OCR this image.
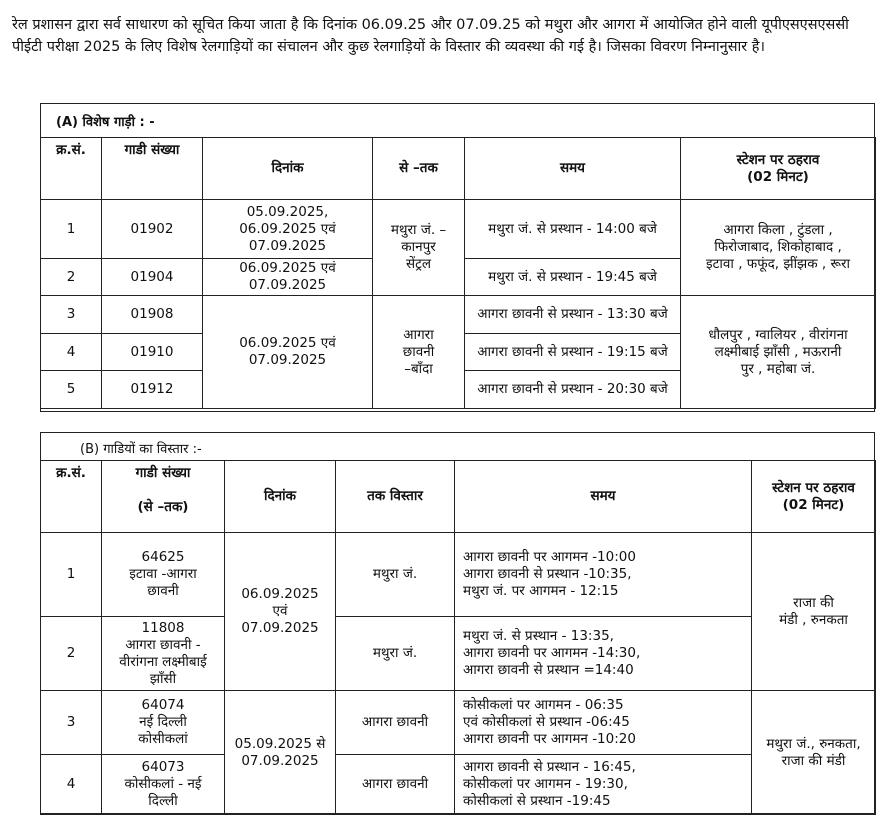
रेल प्रशासन द्वारा सर्व साधारण को सूचित किया जाता है कि दिनांक 06.09.25 और 07.09.25 को मथुरा और आगरा में आयोजित होने वाली यूपीएसएसएससी पीईटी परीक्षा 2025 के लिए विशेष रेलगाड़ियों का संचालन और कुछ रेलगाड़ियों के विस्तार की व्यवस्था की गई है। जिसका विवरण निम्नानुसार है।

(A) विशेष गाड़ी : -
क्र.सं.	गाडी संख्या	दिनांक	से –तक	समय	स्टेशन पर ठहराव
(02 मिनट)
1	01902	05.09.2025,
06.09.2025 एवं
07.09.2025	मथुरा जं. –
कानपुर
सेंट्रल	मथुरा जं. से प्रस्थान - 14:00 बजे	आगरा किला , टुंडला ,
फिरोजाबाद, शिकोहाबाद ,
इटावा , फफूंद, झींझक , रूरा
2	01904	06.09.2025 एवं
07.09.2025		मथुरा जं. से प्रस्थान - 19:45 बजे	
3	01908	06.09.2025 एवं
07.09.2025	आगरा
छावनी
–बाँदा	आगरा छावनी से प्रस्थान - 13:30 बजे	धौलपुर , ग्वालियर , वीरांगना
लक्ष्मीबाई झाँसी , मऊरानी
पुर , महोबा जं.
4	01910			आगरा छावनी से प्रस्थान - 19:15 बजे	
5	01912			आगरा छावनी से प्रस्थान - 20:30 बजे	
(B) गाडियों का विस्तार :-
क्र.सं.	गाडी संख्या

(से –तक)	दिनांक	तक विस्तार	समय	स्टेशन पर ठहराव
(02 मिनट)
1	64625
इटावा -आगरा
छावनी	06.09.2025
एवं
07.09.2025	मथुरा जं.	आगरा छावनी पर आगमन -10:00
आगरा छावनी से प्रस्थान -10:35,
मथुरा जं. पर आगमन - 12:15	राजा की
मंडी , रुनकता
2	11808
आगरा छावनी -
वीरांगना लक्ष्मीबाई
झाँसी		मथुरा जं.	मथुरा जं. से प्रस्थान - 13:35,
आगरा छावनी पर आगमन -14:30,
आगरा छावनी से प्रस्थान =14:40	
3	64074
नई दिल्ली
कोसीकलां	05.09.2025 से
07.09.2025	आगरा छावनी	कोसीकलां पर आगमन - 06:35
एवं कोसीकलां से प्रस्थान -06:45
आगरा छावनी पर आगमन -10:20	मथुरा जं., रुनकता,
राजा की मंडी
4	64073
कोसीकलां - नई
दिल्ली		आगरा छावनी	आगरा छावनी से प्रस्थान - 16:45,
कोसीकलां पर आगमन - 19:30,
कोसीकलां से प्रस्थान -19:45	
